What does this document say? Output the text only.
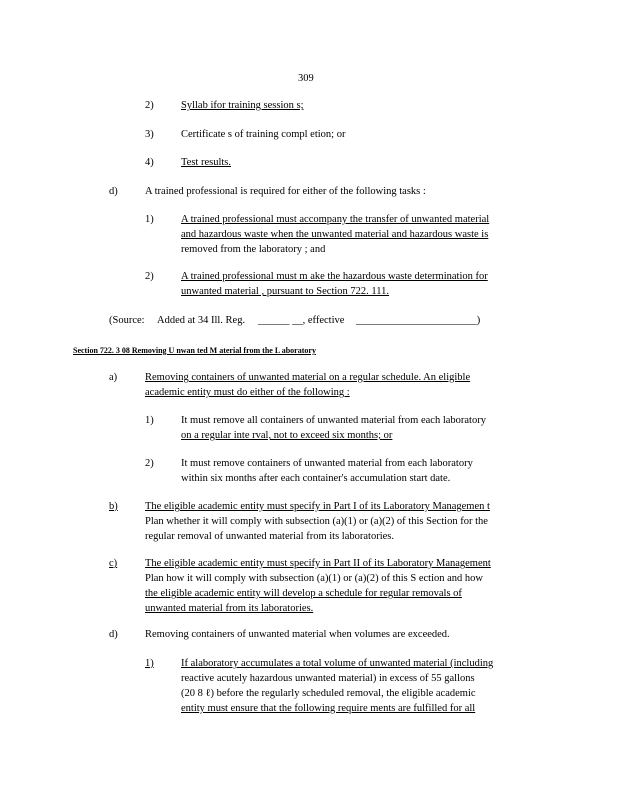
309
2)	Syllab ifor training session s;
3)	Certificate s of training compl etion; or
4)	Test results.
d)	A trained professional is required for either of the following tasks :
1)	A trained professional must accompany the transfer of unwanted material
and hazardous waste when the unwanted material and hazardous waste is
removed from the laboratory ; and
2)	A trained professional must m ake the hazardous waste determination for
unwanted material , pursuant to Section 722. 111.
(Source: Added at 34 Ill. Reg. ______ __, effective _______________________)
Section 722. 3 08 Removing U nwan ted M aterial from the L aboratory
a)	Removing containers of unwanted material on a regular schedule. An eligible
academic entity must do either of the following :
1)	It must remove all containers of unwanted material from each laboratory
on a regular inte rval, not to exceed six months; or
2)	It must remove containers of unwanted material from each laboratory
within six months after each container's accumulation start date.
b)	The eligible academic entity must specify in Part I of its Laboratory Managemen t
Plan whether it will comply with subsection (a)(1) or (a)(2) of this Section for the
regular removal of unwanted material from its laboratories.
c)	The eligible academic entity must specify in Part II of its Laboratory Management
Plan how it will comply with subsection (a)(1) or (a)(2) of this S ection and how
the eligible academic entity will develop a schedule for regular removals of
unwanted material from its laboratories.
d)	Removing containers of unwanted material when volumes are exceeded.
1)	If alaboratory accumulates a total volume of unwanted material (including
reactive acutely hazardous unwanted material) in excess of 55 gallons
(20 8 ℓ) before the regularly scheduled removal, the eligible academic
entity must ensure that the following require ments are fulfilled for all
